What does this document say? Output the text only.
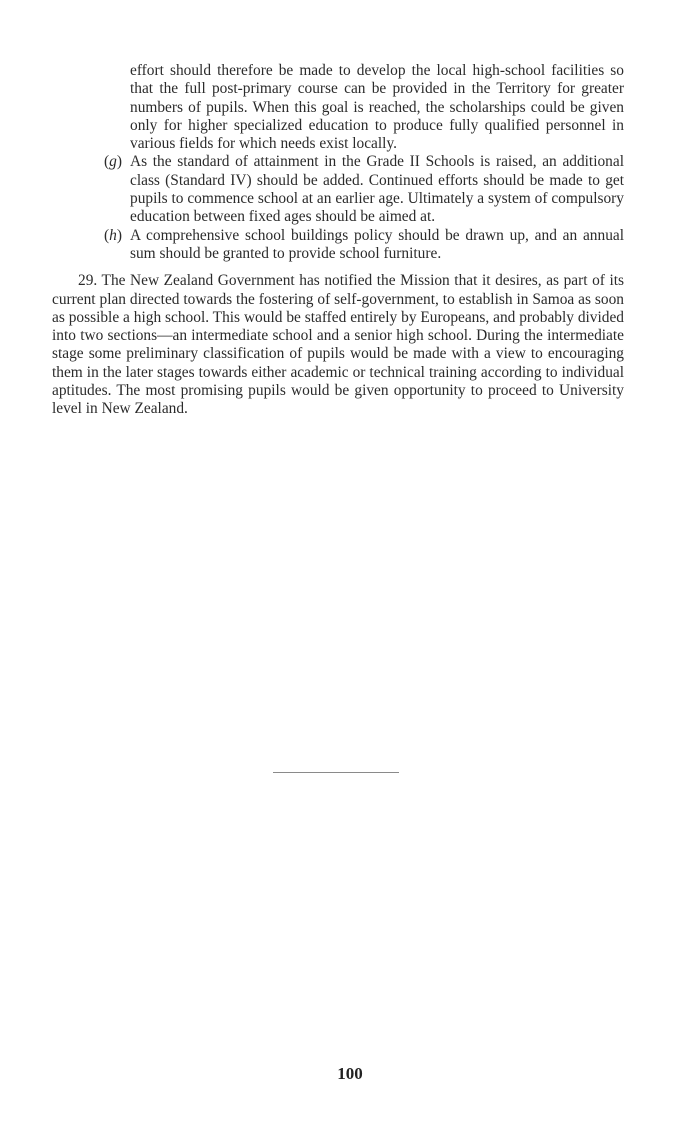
effort should therefore be made to develop the local high-school facilities so that the full post-primary course can be provided in the Territory for greater numbers of pupils. When this goal is reached, the scholarships could be given only for higher specialized education to produce fully qualified personnel in various fields for which needs exist locally.
(g) As the standard of attainment in the Grade II Schools is raised, an additional class (Standard IV) should be added. Continued efforts should be made to get pupils to commence school at an earlier age. Ultimately a system of compulsory education between fixed ages should be aimed at.
(h) A comprehensive school buildings policy should be drawn up, and an annual sum should be granted to provide school furniture.

29. The New Zealand Government has notified the Mission that it desires, as part of its current plan directed towards the fostering of self-government, to establish in Samoa as soon as possible a high school. This would be staffed entirely by Europeans, and probably divided into two sections—an intermediate school and a senior high school. During the intermediate stage some preliminary classification of pupils would be made with a view to encouraging them in the later stages towards either academic or technical training according to individual aptitudes. The most promising pupils would be given opportunity to proceed to University level in New Zealand.

100
